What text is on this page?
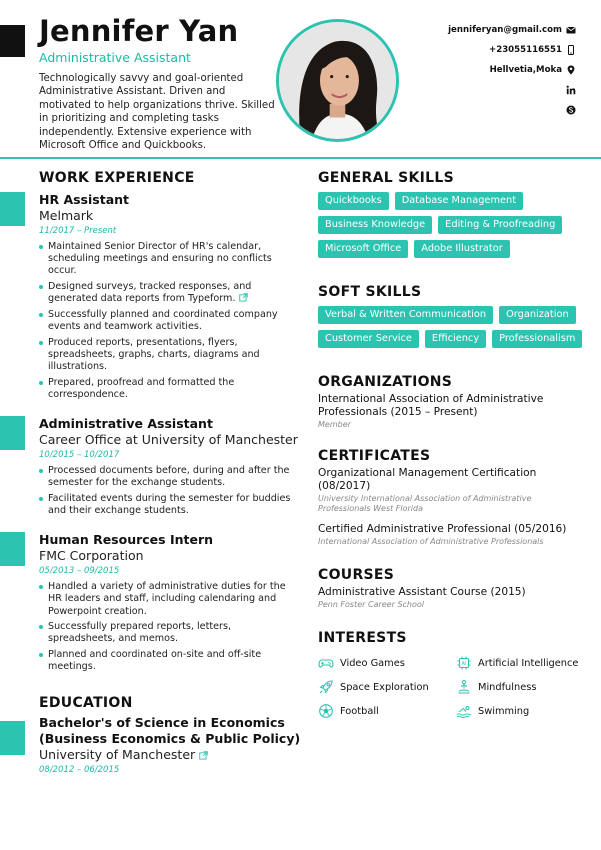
Jennifer Yan
Administrative Assistant
Technologically savvy and goal-oriented Administrative Assistant. Driven and motivated to help organizations thrive. Skilled in prioritizing and completing tasks independently. Extensive experience with Microsoft Office and Quickbooks.
jenniferyan@gmail.com
+23055116551
Hellvetia,Moka
WORK EXPERIENCE
HR Assistant
Melmark
11/2017 – Present
Maintained Senior Director of HR's calendar, scheduling meetings and ensuring no conflicts occur.
Designed surveys, tracked responses, and generated data reports from Typeform.
Successfully planned and coordinated company events and teamwork activities.
Produced reports, presentations, flyers, spreadsheets, graphs, charts, diagrams and illustrations.
Prepared, proofread and formatted the correspondence.
Administrative Assistant
Career Office at University of Manchester
10/2015 – 10/2017
Processed documents before, during and after the semester for the exchange students.
Facilitated events during the semester for buddies and their exchange students.
Human Resources Intern
FMC Corporation
05/2013 – 09/2015
Handled a variety of administrative duties for the HR leaders and staff, including calendaring and Powerpoint creation.
Successfully prepared reports, letters, spreadsheets, and memos.
Planned and coordinated on-site and off-site meetings.
EDUCATION
Bachelor's of Science in Economics (Business Economics & Public Policy)
University of Manchester
08/2012 – 06/2015
GENERAL SKILLS
Quickbooks	Database Management
Business Knowledge	Editing & Proofreading
Microsoft Office	Adobe Illustrator
SOFT SKILLS
Verbal & Written Communication	Organization
Customer Service	Efficiency	Professionalism
ORGANIZATIONS
International Association of Administrative Professionals (2015 – Present)
Member
CERTIFICATES
Organizational Management Certification (08/2017)
University International Association of Administrative Professionals West Florida
Certified Administrative Professional (05/2016)
International Association of Administrative Professionals
COURSES
Administrative Assistant Course (2015)
Penn Foster Career School
INTERESTS
Video Games	AI Artificial Intelligence
Space Exploration	Mindfulness
Football	Swimming
